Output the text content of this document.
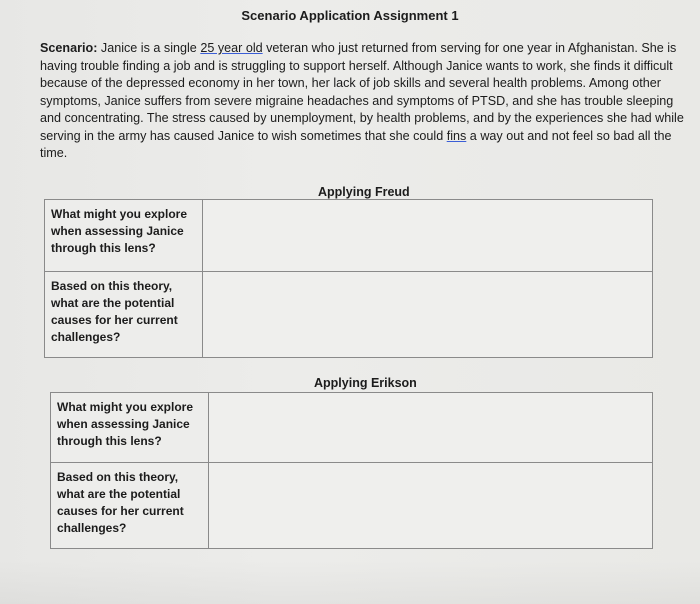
Scenario Application Assignment 1
Scenario: Janice is a single 25 year old veteran who just returned from serving for one year in Afghanistan. She is having trouble finding a job and is struggling to support herself. Although Janice wants to work, she finds it difficult because of the depressed economy in her town, her lack of job skills and several health problems. Among other symptoms, Janice suffers from severe migraine headaches and symptoms of PTSD, and she has trouble sleeping and concentrating. The stress caused by unemployment, by health problems, and by the experiences she had while serving in the army has caused Janice to wish sometimes that she could fins a way out and not feel so bad all the time.
Applying Freud
What might you explore
when assessing Janice
through this lens?	

Based on this theory,
what are the potential
causes for her current
challenges?	

Applying Erikson
What might you explore
when assessing Janice
through this lens?	

Based on this theory,
what are the potential
causes for her current
challenges?	
